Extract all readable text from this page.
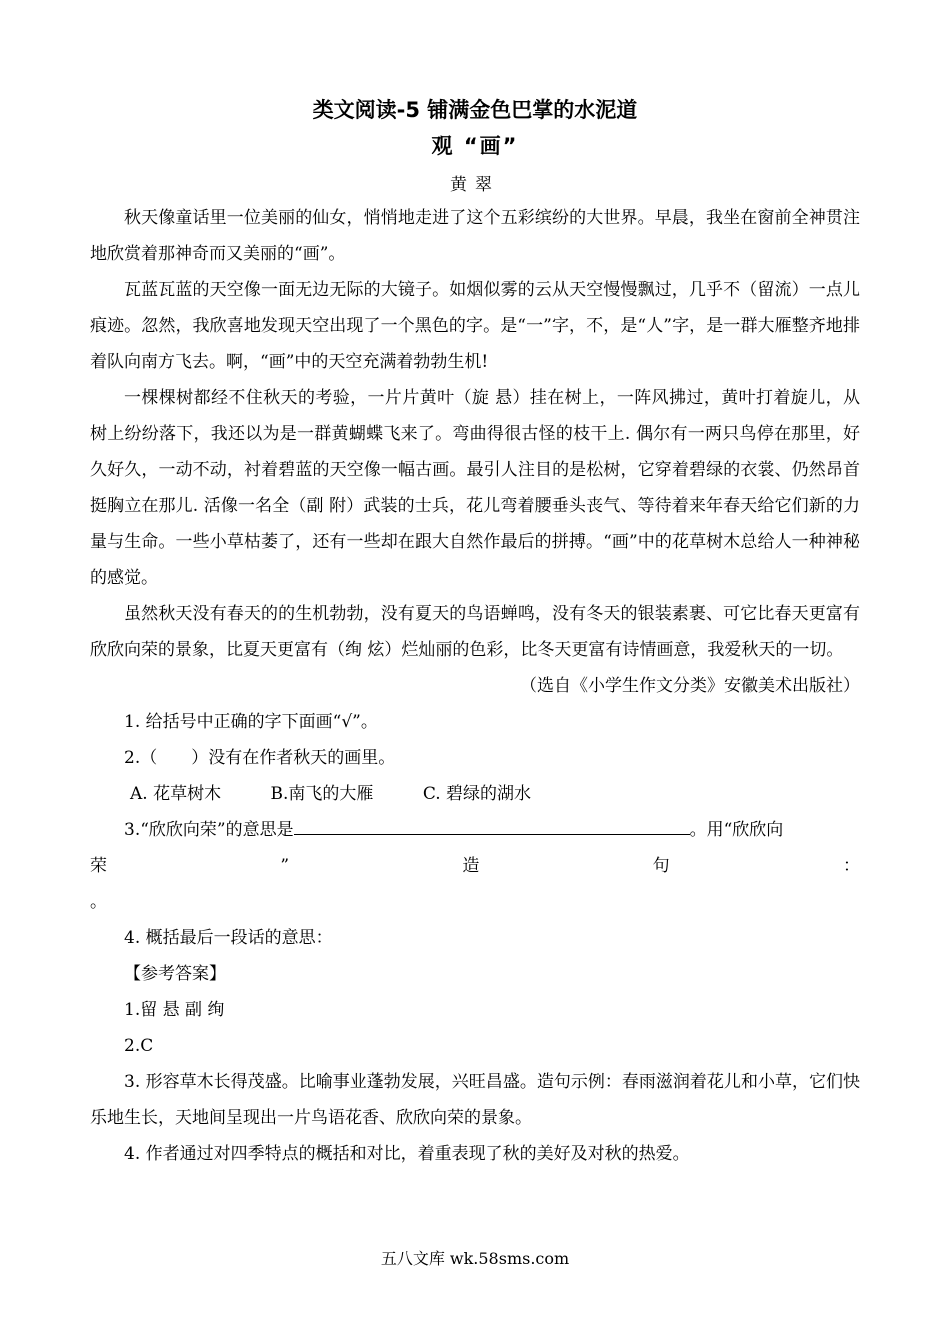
类文阅读-5 铺满金色巴掌的水泥道
观 “画”
黄翠

秋天像童话里一位美丽的仙女，悄悄地走进了这个五彩缤纷的大世界。早晨，我坐在窗前全神贯注地欣赏着那神奇而又美丽的“画”。

瓦蓝瓦蓝的天空像一面无边无际的大镜子。如烟似雾的云从天空慢慢飘过，几乎不（留流）一点儿痕迹。忽然，我欣喜地发现天空出现了一个黑色的字。是“一”字，不，是“人”字，是一群大雁整齐地排着队向南方飞去。啊，“画”中的天空充满着勃勃生机!

一棵棵树都经不住秋天的考验，一片片黄叶（旋 悬）挂在树上，一阵风拂过，黄叶打着旋儿，从树上纷纷落下，我还以为是一群黄蝴蝶飞来了。弯曲得很古怪的枝干上. 偶尔有一两只鸟停在那里，好久好久，一动不动，衬着碧蓝的天空像一幅古画。最引人注目的是松树，它穿着碧绿的衣裳、仍然昂首挺胸立在那儿. 活像一名全（副 附）武装的士兵，花儿弯着腰垂头丧气、等待着来年春天给它们新的力量与生命。一些小草枯萎了，还有一些却在跟大自然作最后的拼搏。“画”中的花草树木总给人一种神秘的感觉。

虽然秋天没有春天的的生机勃勃，没有夏天的鸟语蝉鸣，没有冬天的银装素裹、可它比春天更富有欣欣向荣的景象，比夏天更富有（绚 炫）烂灿丽的色彩，比冬天更富有诗情画意，我爱秋天的一切。

（选自《小学生作文分类》安徽美术出版社）

1. 给括号中正确的字下面画“√”。

2.（　　）没有在作者秋天的画里。

A. 花草树木	B.南飞的大雁	C. 碧绿的湖水

3.“欣欣向荣”的意思是	。用“欣欣向

荣	”	造	句	：

。

4. 概括最后一段话的意思：

【参考答案】

1.留 悬 副 绚

2.C

3. 形容草木长得茂盛。比喻事业蓬勃发展，兴旺昌盛。造句示例：春雨滋润着花儿和小草，它们快乐地生长，天地间呈现出一片鸟语花香、欣欣向荣的景象。

4. 作者通过对四季特点的概括和对比，着重表现了秋的美好及对秋的热爱。

五八文库 wk.58sms.com
